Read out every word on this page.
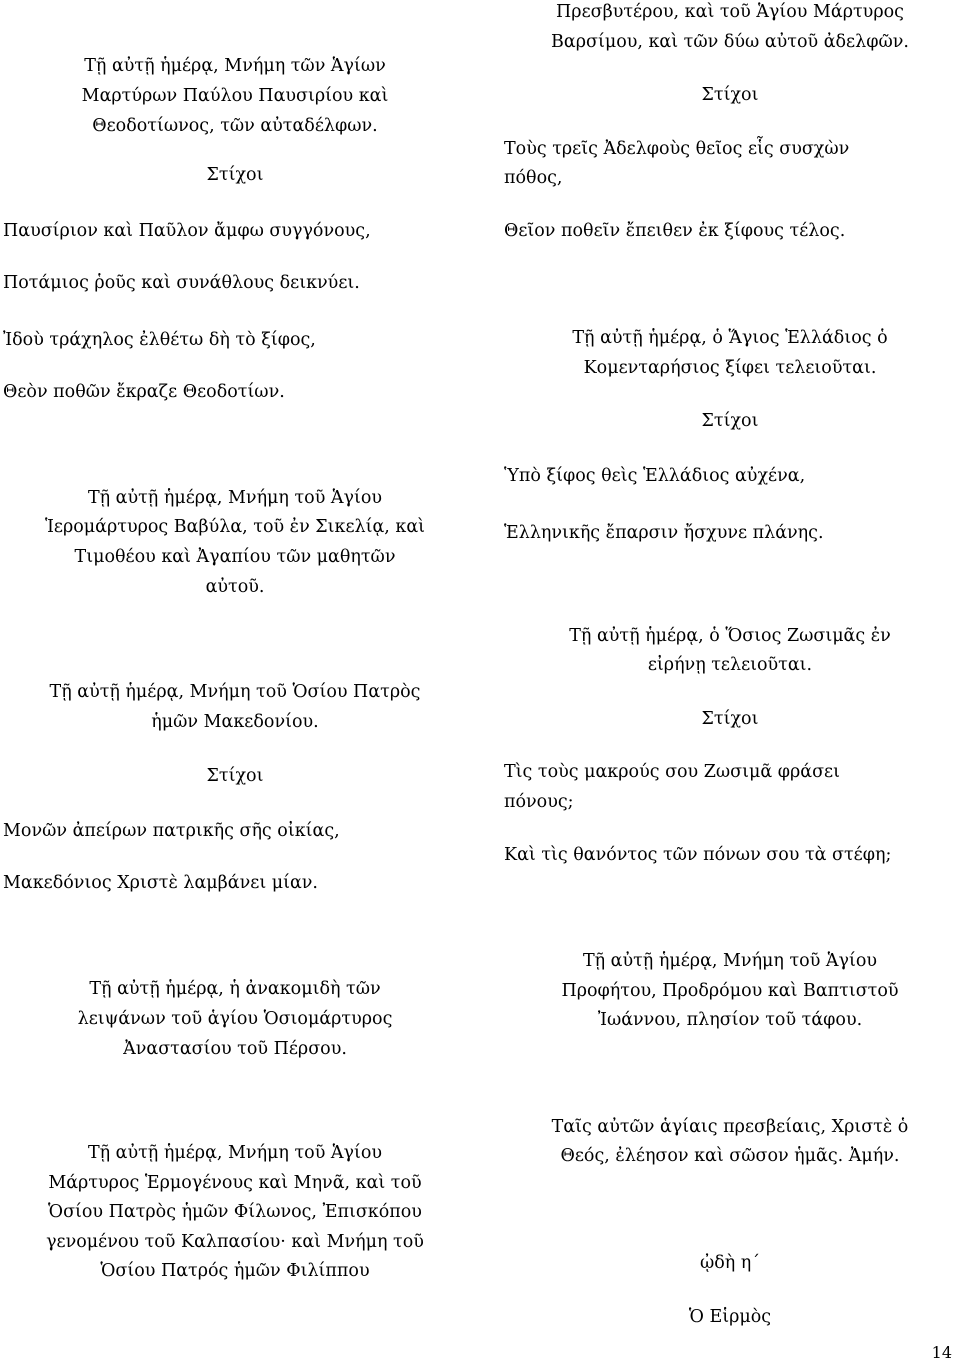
Τῇ αὐτῇ ἡμέρᾳ, Μνήμη τῶν Ἁγίων
Μαρτύρων Παύλου Παυσιρίου καὶ
Θεοδοτίωνος, τῶν αὐταδέλφων.
Στίχοι
Παυσίριον καὶ Παῦλον ἄμφω συγγόνους,
Ποτάμιος ῥοῦς καὶ συνάθλους δεικνύει.
Ἰδοὺ τράχηλος ἐλθέτω δὴ τὸ ξίφος,
Θεὸν ποθῶν ἔκραζε Θεοδοτίων.
Τῇ αὐτῇ ἡμέρᾳ, Μνήμη τοῦ Ἁγίου
Ἱερομάρτυρος Βαβύλα, τοῦ ἐν Σικελίᾳ, καὶ
Τιμοθέου καὶ Ἀγαπίου τῶν μαθητῶν
αὐτοῦ.
Τῇ αὐτῇ ἡμέρᾳ, Μνήμη τοῦ Ὁσίου Πατρὸς
ἡμῶν Μακεδονίου.
Στίχοι
Μονῶν ἀπείρων πατρικῆς σῆς οἰκίας,
Μακεδόνιος Χριστὲ λαμβάνει μίαν.
Τῇ αὐτῇ ἡμέρᾳ, ἡ ἀνακομιδὴ τῶν
λειψάνων τοῦ ἁγίου Ὁσιομάρτυρος
Ἀναστασίου τοῦ Πέρσου.
Τῇ αὐτῇ ἡμέρᾳ, Μνήμη τοῦ Ἁγίου
Μάρτυρος Ἑρμογένους καὶ Μηνᾶ, καὶ τοῦ
Ὁσίου Πατρὸς ἡμῶν Φίλωνος, Ἐπισκόπου
γενομένου τοῦ Καλπασίου· καὶ Μνήμη τοῦ
Ὁσίου Πατρός ἡμῶν Φιλίππου
Πρεσβυτέρου, καὶ τοῦ Ἁγίου Μάρτυρος
Βαρσίμου, καὶ τῶν δύω αὐτοῦ ἀδελφῶν.
Στίχοι
Τοὺς τρεῖς Ἀδελφοὺς θεῖος εἷς συσχὼν
πόθος,
Θεῖον ποθεῖν ἔπειθεν ἐκ ξίφους τέλος.
Τῇ αὐτῇ ἡμέρᾳ, ὁ Ἅγιος Ἑλλάδιος ὁ
Κομενταρήσιος ξίφει τελειοῦται.
Στίχοι
Ὑπὸ ξίφος θεὶς Ἑλλάδιος αὐχένα,
Ἑλληνικῆς ἔπαρσιν ἤσχυνε πλάνης.
Τῇ αὐτῇ ἡμέρᾳ, ὁ Ὅσιος Ζωσιμᾶς ἐν
εἰρήνῃ τελειοῦται.
Στίχοι
Τὶς τοὺς μακρούς σου Ζωσιμᾶ φράσει
πόνους;
Καὶ τὶς θανόντος τῶν πόνων σου τὰ στέφη;
Τῇ αὐτῇ ἡμέρᾳ, Μνήμη τοῦ Ἁγίου
Προφήτου, Προδρόμου καὶ Βαπτιστοῦ
Ἰωάννου, πλησίον τοῦ τάφου.
Ταῖς αὐτῶν ἁγίαις πρεσβείαις, Χριστὲ ὁ
Θεός, ἐλέησον καὶ σῶσον ἡμᾶς. Ἀμήν.
ᾠδὴ η΄
Ὁ Εἱρμὸς
14
